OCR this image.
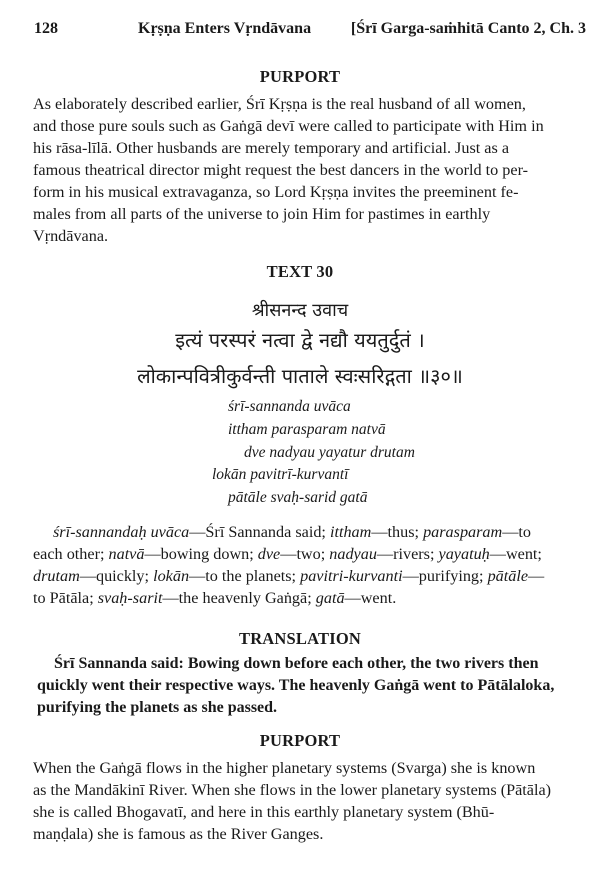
128	Kṛṣṇa Enters Vṛndāvana [Śrī Garga-saṁhitā Canto 2, Ch. 3
PURPORT
As elaborately described earlier, Śrī Kṛṣṇa is the real husband of all women,
and those pure souls such as Gaṅgā devī were called to participate with Him in
his rāsa-līlā. Other husbands are merely temporary and artificial. Just as a
famous theatrical director might request the best dancers in the world to per-
form in his musical extravaganza, so Lord Kṛṣṇa invites the preeminent fe-
males from all parts of the universe to join Him for pastimes in earthly
Vṛndāvana.
TEXT 30
श्रीसनन्द उवाच
इत्यं परस्परं नत्वा द्वे नद्यौ ययतुर्दुतं ।
लोकान्पवित्रीकुर्वन्ती पाताले स्वःसरिद्गता ॥३०॥
śrī-sannanda uvāca
ittham parasparam natvā
dve nadyau yayatur drutam
lokān pavitrī-kurvantī
pātāle svaḥ-sarid gatā
śrī-sannandaḥ uvāca—Śrī Sannanda said; ittham—thus; parasparam—to
each other; natvā—bowing down; dve—two; nadyau—rivers; yayatuḥ—went;
drutam—quickly; lokān—to the planets; pavitri-kurvanti—purifying; pātāle—
to Pātāla; svaḥ-sarit—the heavenly Gaṅgā; gatā—went.
TRANSLATION
Śrī Sannanda said: Bowing down before each other, the two rivers then
quickly went their respective ways. The heavenly Gaṅgā went to Pātālaloka,
purifying the planets as she passed.
PURPORT
When the Gaṅgā flows in the higher planetary systems (Svarga) she is known
as the Mandākinī River. When she flows in the lower planetary systems (Pātāla)
she is called Bhogavatī, and here in this earthly planetary system (Bhū-
maṇḍala) she is famous as the River Ganges.
